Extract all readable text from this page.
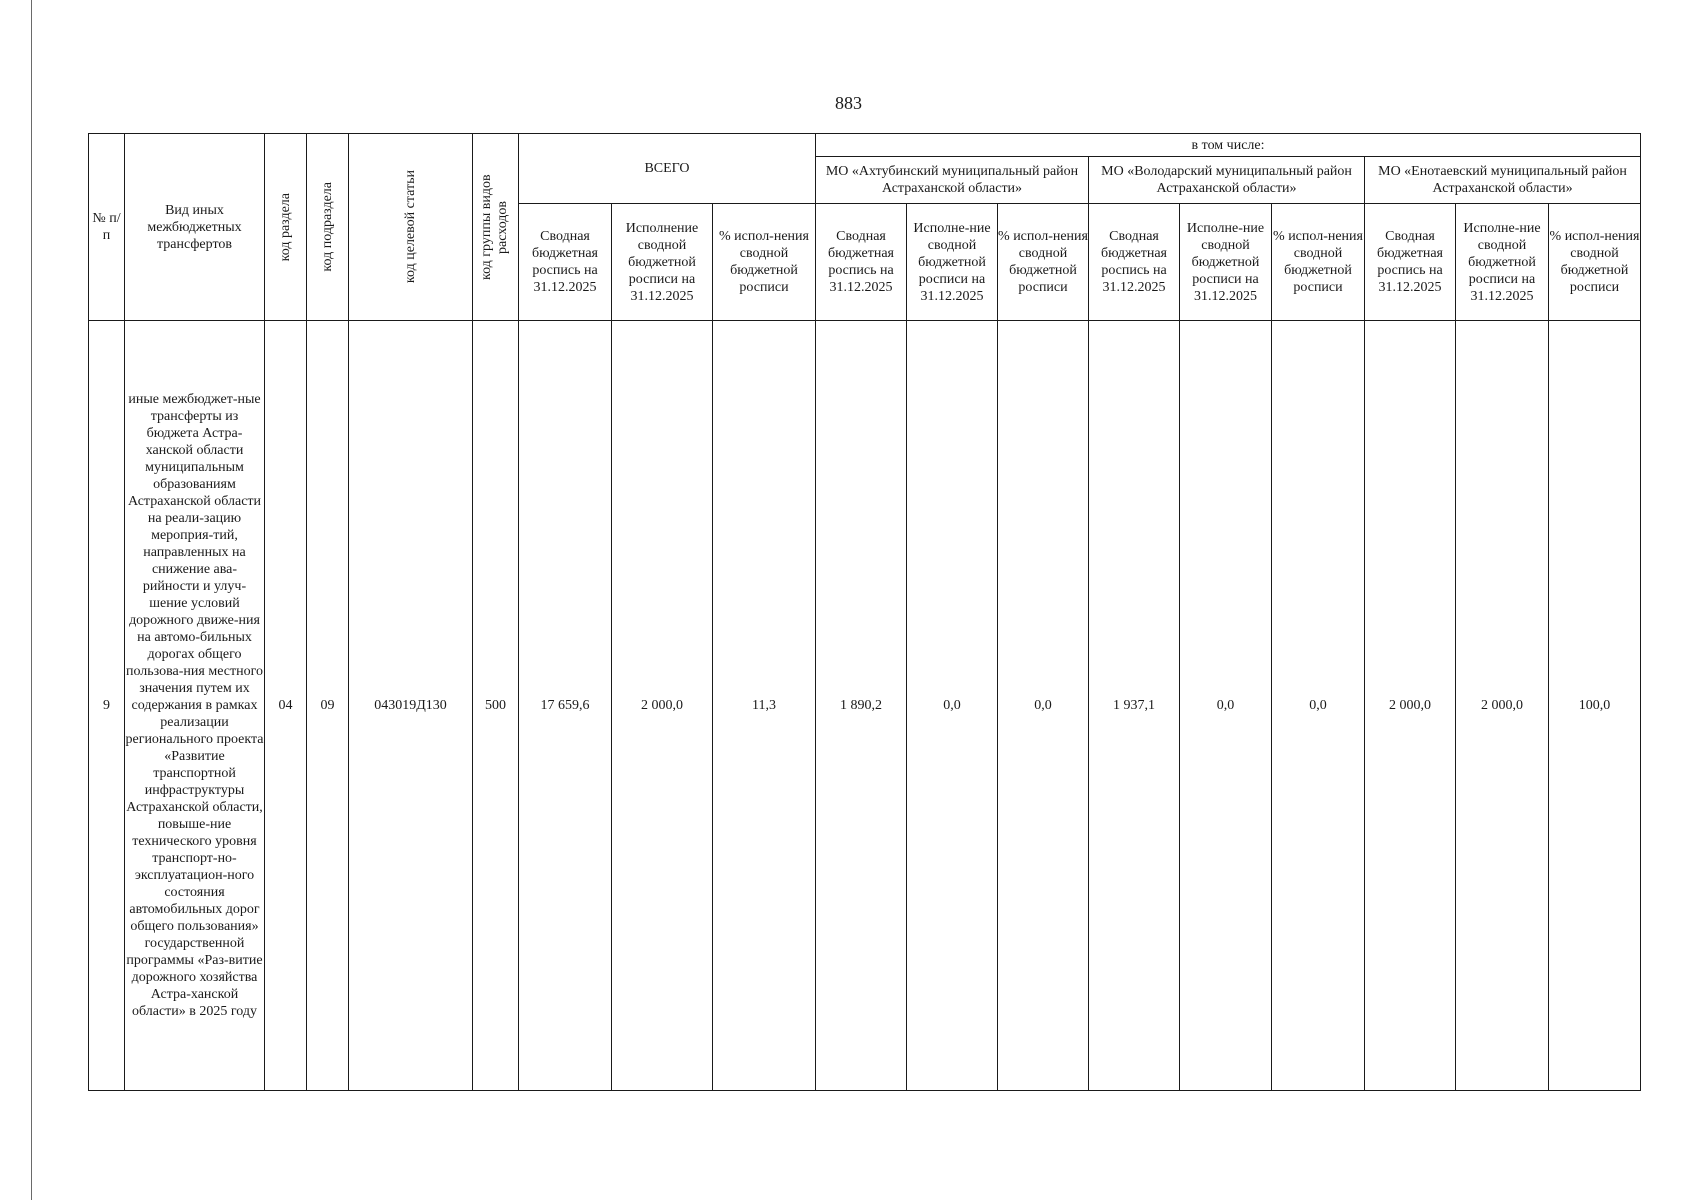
883
№ п/п	Вид иных межбюджетных трансфертов	код раздела	код подраздела	код целевой статьи	код группы видов расходов	ВСЕГО			в том числе:								
									МО «Ахтубинский муниципальный район Астраханской области»			МО «Володарский муниципальный район Астраханской области»			МО «Енотаевский муниципальный район Астраханской области»		
						Сводная бюджетная роспись на 31.12.2025	Исполнение сводной бюджетной росписи на 31.12.2025	% испол-нения сводной бюджетной росписи	Сводная бюджетная роспись на 31.12.2025	Исполне-ние сводной бюджетной росписи на 31.12.2025	% испол-нения сводной бюджетной росписи	Сводная бюджетная роспись на 31.12.2025	Исполне-ние сводной бюджетной росписи на 31.12.2025	% испол-нения сводной бюджетной росписи	Сводная бюджетная роспись на 31.12.2025	Исполне-ние сводной бюджетной росписи на 31.12.2025	% испол-нения сводной бюджетной росписи
9	иные межбюджет-ные трансферты из бюджета Астра-ханской области муниципальным образованиям Астраханской области на реали-зацию мероприя-тий, направленных на снижение ава-рийности и улуч-шение условий дорожного движе-ния на автомо-бильных дорогах общего пользова-ния местного значения путем их содержания в рамках реализации регионального проекта «Развитие транспортной инфраструктуры Астраханской области, повыше-ние технического уровня транспорт-но-эксплуатацион-ного состояния автомобильных дорог общего пользования» государственной программы «Раз-витие дорожного хозяйства Астра-ханской области» в 2025 году	04	09	043019Д130	500	17 659,6	2 000,0	11,3	1 890,2	0,0	0,0	1 937,1	0,0	0,0	2 000,0	2 000,0	100,0
